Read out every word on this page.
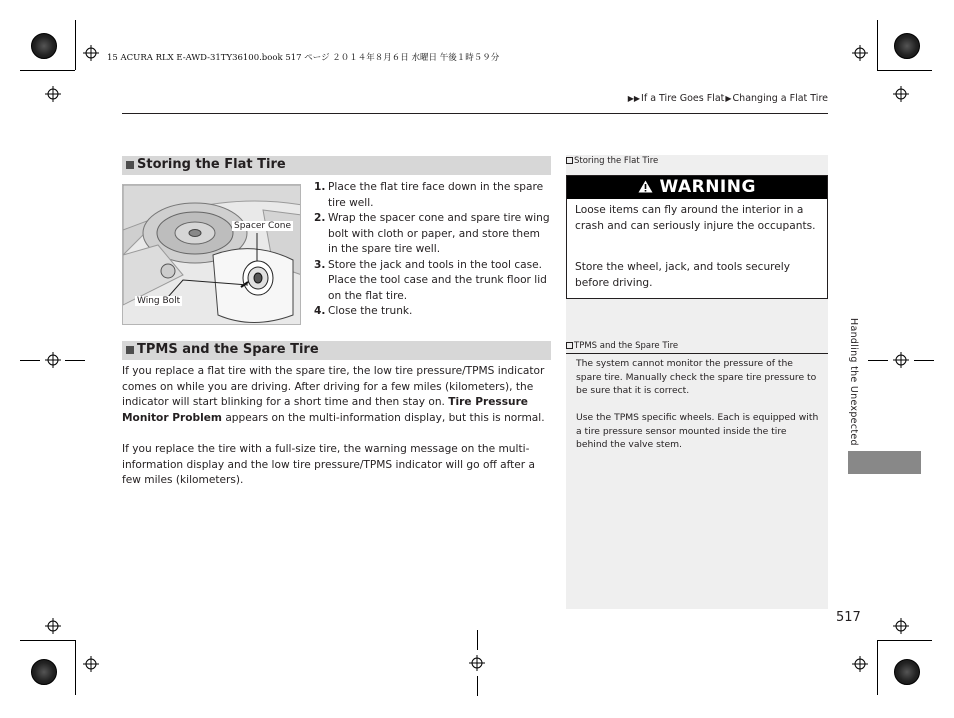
15 ACURA RLX E-AWD-31TY36100.book 517 ページ ２０１４年８月６日 水曜日 午後１時５９分
▶▶If a Tire Goes Flat▶Changing a Flat Tire
Storing the Flat Tire
Spacer Cone
Wing Bolt
1. Place the flat tire face down in the spare tire well.
2. Wrap the spacer cone and spare tire wing bolt with cloth or paper, and store them in the spare tire well.
3. Store the jack and tools in the tool case. Place the tool case and the trunk floor lid on the flat tire.
4. Close the trunk.
TPMS and the Spare Tire
If you replace a flat tire with the spare tire, the low tire pressure/TPMS indicator comes on while you are driving. After driving for a few miles (kilometers), the indicator will start blinking for a short time and then stay on. Tire Pressure Monitor Problem appears on the multi-information display, but this is normal.
If you replace the tire with a full-size tire, the warning message on the multi-information display and the low tire pressure/TPMS indicator will go off after a few miles (kilometers).
Storing the Flat Tire
WARNING
Loose items can fly around the interior in a crash and can seriously injure the occupants.
Store the wheel, jack, and tools securely before driving.
TPMS and the Spare Tire
The system cannot monitor the pressure of the spare tire. Manually check the spare tire pressure to be sure that it is correct.
Use the TPMS specific wheels. Each is equipped with a tire pressure sensor mounted inside the tire behind the valve stem.	Handling the Unexpected
517
